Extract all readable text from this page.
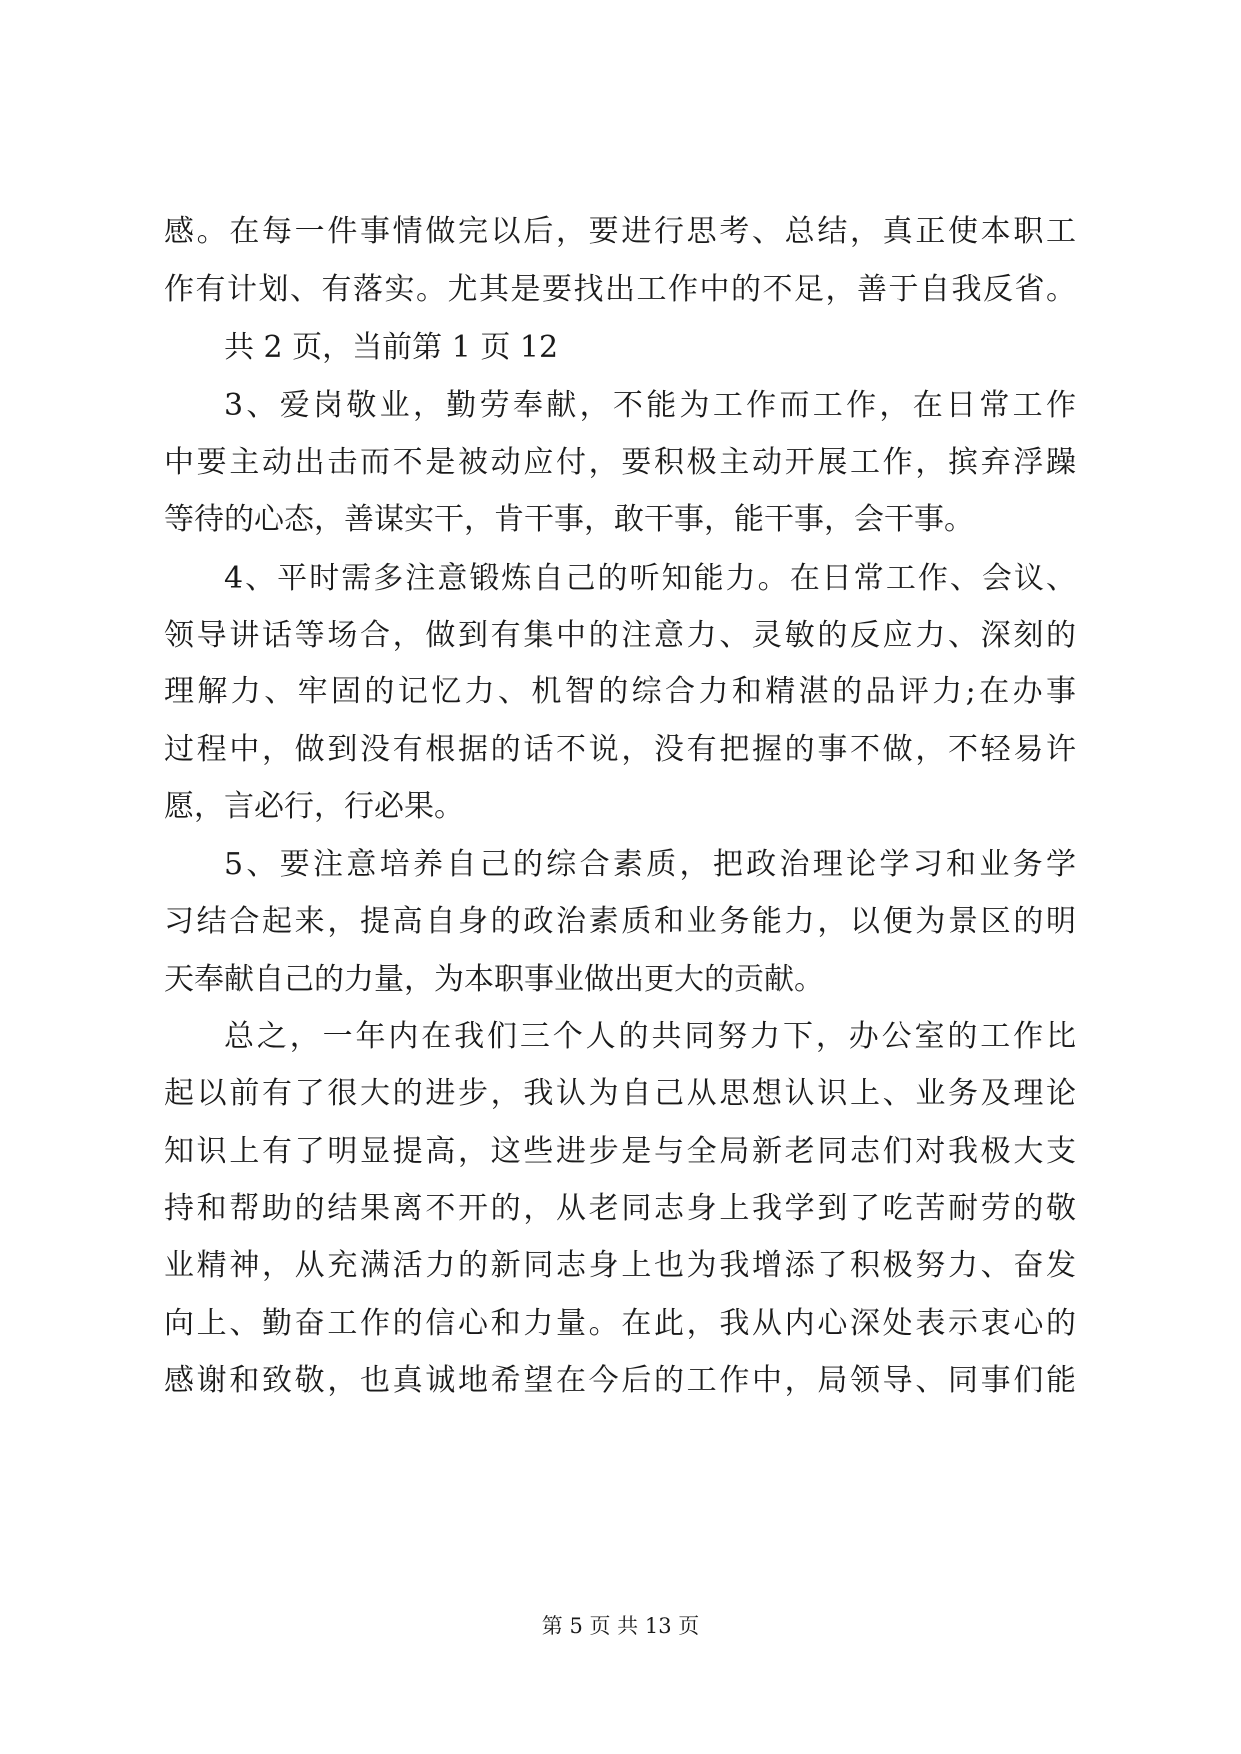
感。在每一件事情做完以后，要进行思考、总结，真正使本职工
作有计划、有落实。尤其是要找出工作中的不足，善于自我反省。
共 2 页，当前第 1 页 12
3、爱岗敬业，勤劳奉献，不能为工作而工作，在日常工作
中要主动出击而不是被动应付，要积极主动开展工作，摈弃浮躁
等待的心态，善谋实干，肯干事，敢干事，能干事，会干事。
4、平时需多注意锻炼自己的听知能力。在日常工作、会议、
领导讲话等场合，做到有集中的注意力、灵敏的反应力、深刻的
理解力、牢固的记忆力、机智的综合力和精湛的品评力;在办事
过程中，做到没有根据的话不说，没有把握的事不做，不轻易许
愿，言必行，行必果。
5、要注意培养自己的综合素质，把政治理论学习和业务学
习结合起来，提高自身的政治素质和业务能力，以便为景区的明
天奉献自己的力量，为本职事业做出更大的贡献。
总之，一年内在我们三个人的共同努力下，办公室的工作比
起以前有了很大的进步，我认为自己从思想认识上、业务及理论
知识上有了明显提高，这些进步是与全局新老同志们对我极大支
持和帮助的结果离不开的，从老同志身上我学到了吃苦耐劳的敬
业精神，从充满活力的新同志身上也为我增添了积极努力、奋发
向上、勤奋工作的信心和力量。在此，我从内心深处表示衷心的
感谢和致敬，也真诚地希望在今后的工作中，局领导、同事们能
第 5 页 共 13 页
